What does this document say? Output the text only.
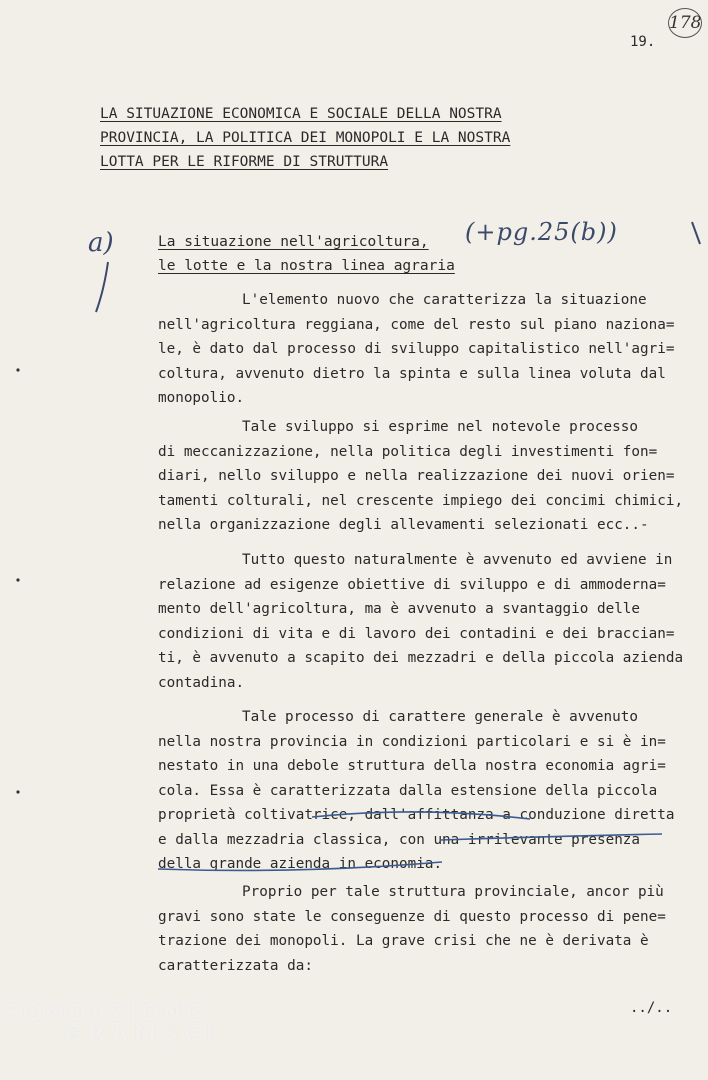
178
19.
LA SITUAZIONE ECONOMICA E SOCIALE DELLA NOSTRA
PROVINCIA, LA POLITICA DEI MONOPOLI E LA NOSTRA
LOTTA PER LE RIFORME DI STRUTTURA
a)	La situazione nell'agricoltura,
le lotte e la nostra linea agraria
(+pg.25(b))
L'elemento nuovo che caratterizza la situazione
nell'agricoltura reggiana, come del resto sul piano naziona=
le, è dato dal processo di sviluppo capitalistico nell'agri=
coltura, avvenuto dietro la spinta e sulla linea voluta dal
monopolio.
Tale sviluppo si esprime nel notevole processo
di meccanizzazione, nella politica degli investimenti fon=
diari, nello sviluppo e nella realizzazione dei nuovi orien=
tamenti colturali, nel crescente impiego dei concimi chimici,
nella organizzazione degli allevamenti selezionati ecc..-
Tutto questo naturalmente è avvenuto ed avviene in
relazione ad esigenze obiettive di sviluppo e di ammoderna=
mento dell'agricoltura, ma è avvenuto a svantaggio delle
condizioni di vita e di lavoro dei contadini e dei braccian=
ti, è avvenuto a scapito dei mezzadri e della piccola azienda
contadina.
Tale processo di carattere generale è avvenuto
nella nostra provincia in condizioni particolari e si è in=
nestato in una debole struttura della nostra economia agri=
cola. Essa è caratterizzata dalla estensione della piccola
proprietà coltivatrice, dall'affittanza a conduzione diretta
e dalla mezzadria classica, con una irrilevante presenza
della grande azienda in economia.
Proprio per tale struttura provinciale, ancor più
gravi sono state le conseguenze di questo processo di pene=
trazione dei monopoli. La grave crisi che ne è derivata è
caratterizzata da:
../..
FONDAZIONE
GRAMSCI
